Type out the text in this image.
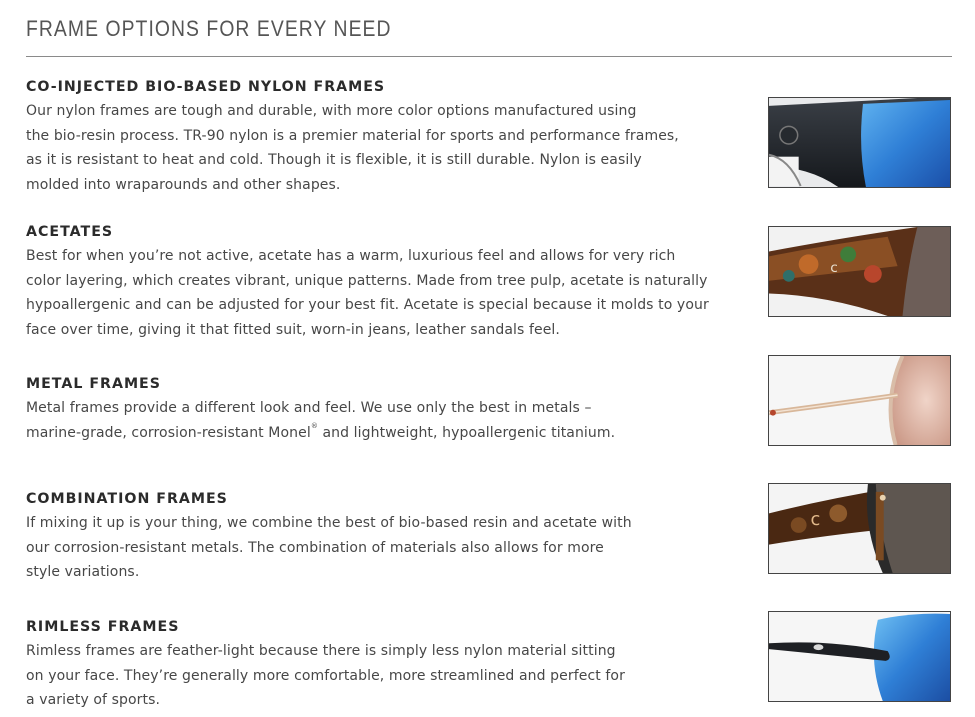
FRAME OPTIONS FOR EVERY NEED
CO-INJECTED BIO-BASED NYLON FRAMES
Our nylon frames are tough and durable, with more color options manufactured using
the bio-resin process. TR-90 nylon is a premier material for sports and performance frames,
as it is resistant to heat and cold. Though it is flexible, it is still durable. Nylon is easily
molded into wraparounds and other shapes.
ACETATES
Best for when you’re not active, acetate has a warm, luxurious feel and allows for very rich
color layering, which creates vibrant, unique patterns. Made from tree pulp, acetate is naturally
hypoallergenic and can be adjusted for your best fit. Acetate is special because it molds to your
face over time, giving it that fitted suit, worn-in jeans, leather sandals feel.
c
METAL FRAMES
Metal frames provide a different look and feel. We use only the best in metals –
marine-grade, corrosion-resistant Monel® and lightweight, hypoallergenic titanium.
COMBINATION FRAMES
If mixing it up is your thing, we combine the best of bio-based resin and acetate with
our corrosion-resistant metals. The combination of materials also allows for more
style variations.
c
RIMLESS FRAMES
Rimless frames are feather-light because there is simply less nylon material sitting
on your face. They’re generally more comfortable, more streamlined and perfect for
a variety of sports.
